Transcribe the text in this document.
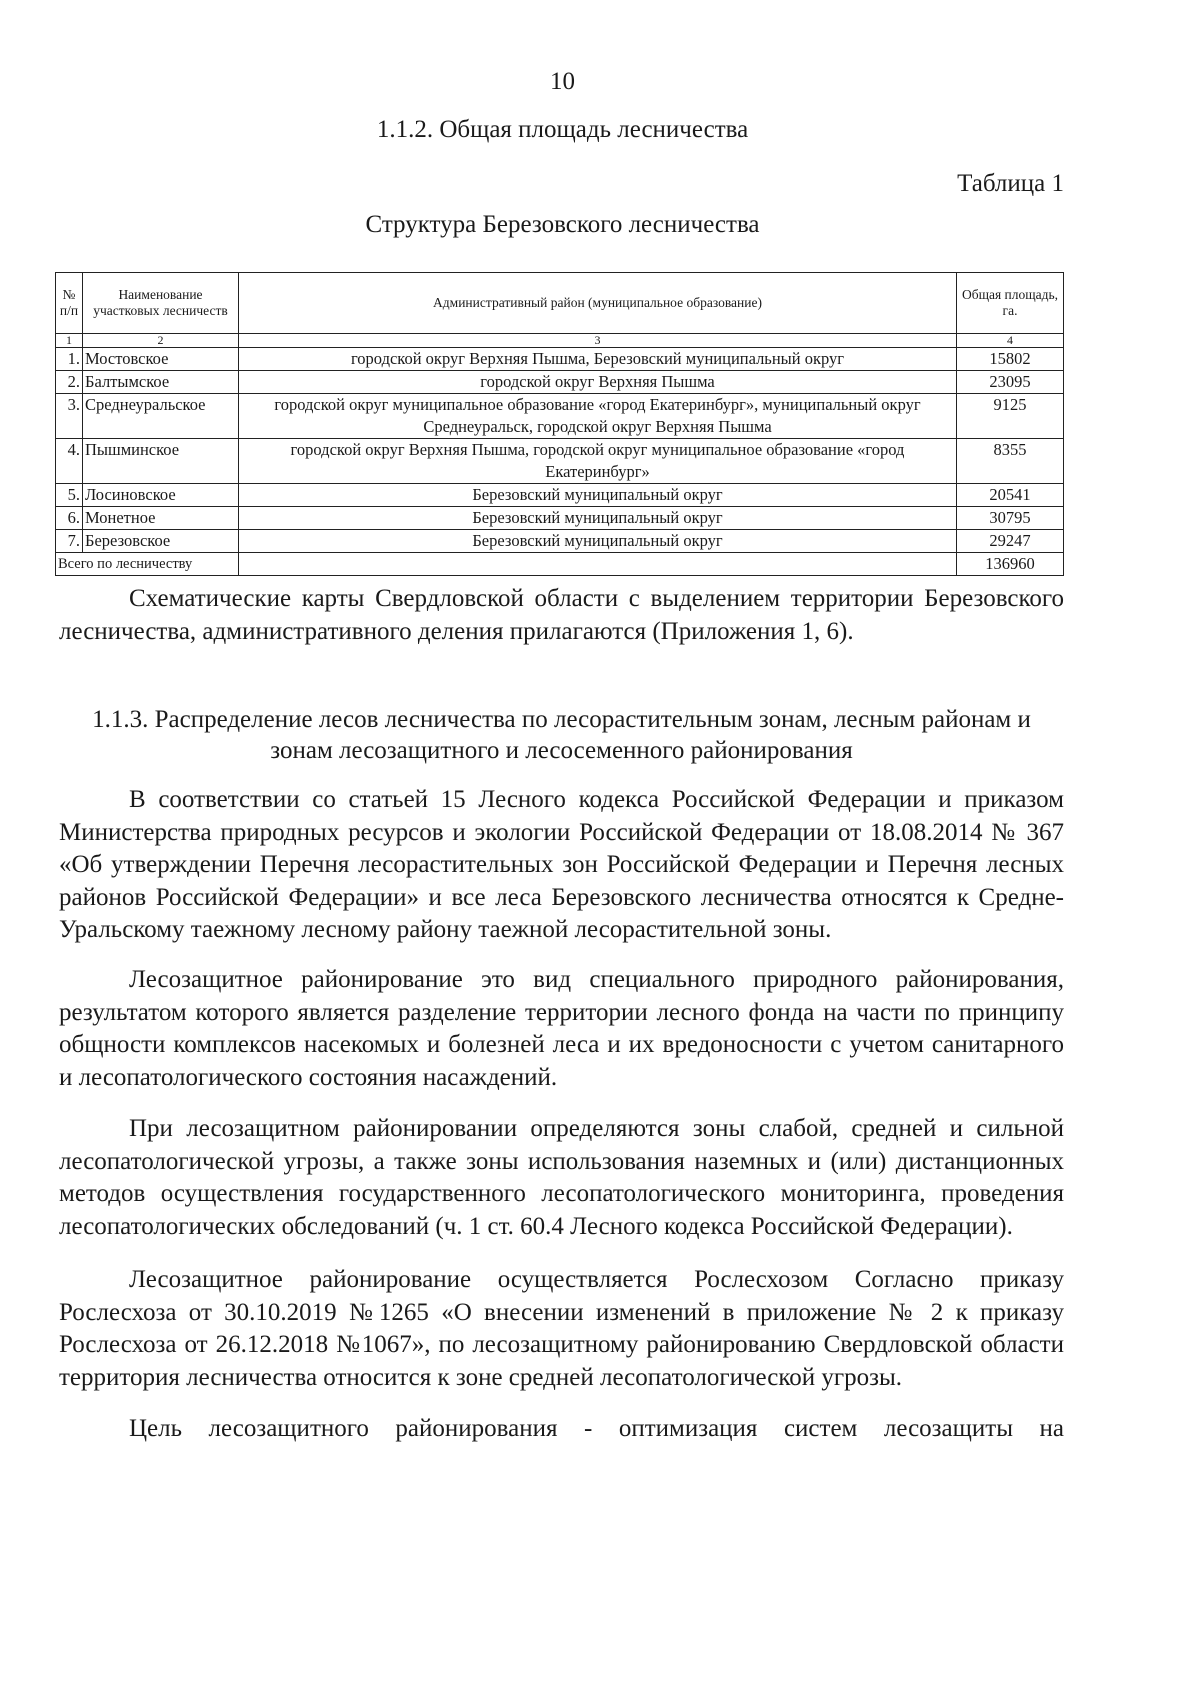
10
1.1.2. Общая площадь лесничества
Таблица 1
Структура Березовского лесничества
№ п/п	Наименование участковых лесничеств	Административный район (муниципальное образование)	Общая площадь, га.
1	2	3	4
1.	Мостовское	городской округ Верхняя Пышма, Березовский муниципальный округ	15802
2.	Балтымское	городской округ Верхняя Пышма	23095
3.	Среднеуральское	городской округ муниципальное образование «город Екатеринбург», муниципальный округ Среднеуральск, городской округ Верхняя Пышма	9125
4.	Пышминское	городской округ Верхняя Пышма, городской округ муниципальное образование «город Екатеринбург»	8355
5.	Лосиновское	Березовский муниципальный округ	20541
6.	Монетное	Березовский муниципальный округ	30795
7.	Березовское	Березовский муниципальный округ	29247
Всего по лесничеству			136960

Схематические карты Свердловской области с выделением территории Березовского лесничества, административного деления прилагаются (Приложения 1, 6).

1.1.3. Распределение лесов лесничества по лесорастительным зонам, лесным районам и зонам лесозащитного и лесосеменного районирования

В соответствии со статьей 15 Лесного кодекса Российской Федерации и приказом Министерства природных ресурсов и экологии Российской Федерации от 18.08.2014 № 367 «Об утверждении Перечня лесорастительных зон Российской Федерации и Перечня лесных районов Российской Федерации» и все леса Березовского лесничества относятся к Средне-Уральскому таежному лесному району таежной лесорастительной зоны.

Лесозащитное районирование это вид специального природного районирования, результатом которого является разделение территории лесного фонда на части по принципу общности комплексов насекомых и болезней леса и их вредоносности с учетом санитарного и лесопатологического состояния насаждений.

При лесозащитном районировании определяются зоны слабой, средней и сильной лесопатологической угрозы, а также зоны использования наземных и (или) дистанционных методов осуществления государственного лесопатологического мониторинга, проведения лесопатологических обследований (ч. 1 ст. 60.4 Лесного кодекса Российской Федерации).

Лесозащитное районирование осуществляется Рослесхозом Согласно приказу Рослесхоза от 30.10.2019 №1265 «О внесении изменений в приложение № 2 к приказу Рослесхоза от 26.12.2018 №1067», по лесозащитному районированию Свердловской области территория лесничества относится к зоне средней лесопатологической угрозы.

Цель лесозащитного районирования - оптимизация систем лесозащиты на
